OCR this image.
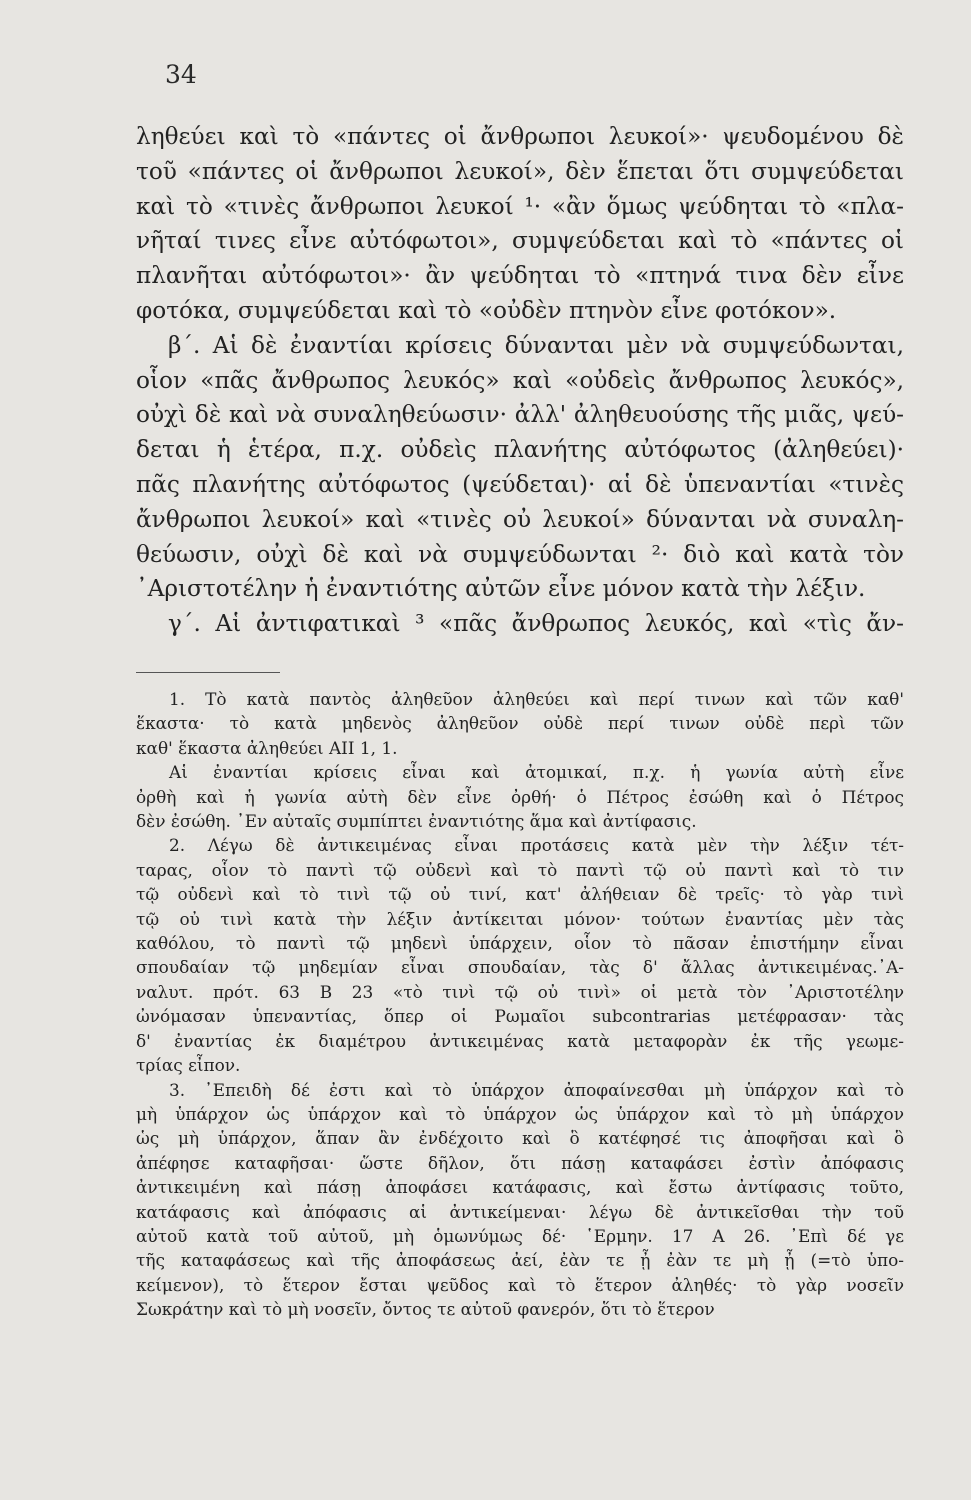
34
ληθεύει καὶ τὸ «πάντες οἱ ἄνθρωποι λευκοί»· ψευδομένου δὲ
τοῦ «πάντες οἱ ἄνθρωποι λευκοί», δὲν ἕπεται ὅτι συμψεύδεται
καὶ τὸ «τινὲς ἄνθρωποι λευκοί ¹· «ἂν ὅμως ψεύδηται τὸ «πλα-
νῆταί τινες εἶνε αὐτόφωτοι», συμψεύδεται καὶ τὸ «πάντες οἱ
πλανῆται αὐτόφωτοι»· ἂν ψεύδηται τὸ «πτηνά τινα δὲν εἶνε
φοτόκα, συμψεύδεται καὶ τὸ «οὐδὲν πτηνὸν εἶνε φοτόκον».
β΄. Αἱ δὲ ἐναντίαι κρίσεις δύνανται μὲν νὰ συμψεύδωνται,
οἷον «πᾶς ἄνθρωπος λευκός» καὶ «οὐδεὶς ἄνθρωπος λευκός»,
οὐχὶ δὲ καὶ νὰ συναληθεύωσιν· ἀλλ' ἀληθευούσης τῆς μιᾶς, ψεύ-
δεται ἡ ἑτέρα, π.χ. οὐδεὶς πλανήτης αὐτόφωτος (ἀληθεύει)·
πᾶς πλανήτης αὐτόφωτος (ψεύδεται)· αἱ δὲ ὑπεναντίαι «τινὲς
ἄνθρωποι λευκοί» καὶ «τινὲς οὐ λευκοί» δύνανται νὰ συναλη-
θεύωσιν, οὐχὶ δὲ καὶ νὰ συμψεύδωνται ²· διὸ καὶ κατὰ τὸν
᾿Αριστοτέλην ἡ ἐναντιότης αὐτῶν εἶνε μόνον κατὰ τὴν λέξιν.
γ΄. Αἱ ἀντιφατικαὶ ³ «πᾶς ἄνθρωπος λευκός, καὶ «τὶς ἄν-
1. Τὸ κατὰ παντὸς ἀληθεῦον ἀληθεύει καὶ περί τινων καὶ τῶν καθ'
ἕκαστα· τὸ κατὰ μηδενὸς ἀληθεῦον οὐδὲ περί τινων οὐδὲ περὶ τῶν
καθ' ἕκαστα ἀληθεύει ΑΙΙ 1, 1.
Αἱ ἐναντίαι κρίσεις εἶναι καὶ ἀτομικαί, π.χ. ἡ γωνία αὐτὴ εἶνε
ὀρθὴ καὶ ἡ γωνία αὐτὴ δὲν εἶνε ὀρθή· ὁ Πέτρος ἐσώθη καὶ ὁ Πέτρος
δὲν ἐσώθη. ᾿Εν αὐταῖς συμπίπτει ἐναντιότης ἅμα καὶ ἀντίφασις.
2. Λέγω δὲ ἀντικειμένας εἶναι προτάσεις κατὰ μὲν τὴν λέξιν τέτ-
ταρας, οἷον τὸ παντὶ τῷ οὐδενὶ καὶ τὸ παντὶ τῷ οὐ παντὶ καὶ τὸ τιν
τῷ οὐδενὶ καὶ τὸ τινὶ τῷ οὐ τινί, κατ' ἀλήθειαν δὲ τρεῖς· τὸ γὰρ τινὶ
τῷ οὐ τινὶ κατὰ τὴν λέξιν ἀντίκειται μόνον· τούτων ἐναντίας μὲν τὰς
καθόλου, τὸ παντὶ τῷ μηδενὶ ὑπάρχειν, οἷον τὸ πᾶσαν ἐπιστήμην εἶναι
σπουδαίαν τῷ μηδεμίαν εἶναι σπουδαίαν, τὰς δ' ἄλλας ἀντικειμένας.᾿Α-
ναλυτ. πρότ. 63 Β 23 «τὸ τινὶ τῷ οὐ τινὶ» οἱ μετὰ τὸν ᾿Αριστοτέλην
ὠνόμασαν ὑπεναντίας, ὅπερ οἱ Ρωμαῖοι subcontrarias μετέφρασαν· τὰς
δ' ἐναντίας ἐκ διαμέτρου ἀντικειμένας κατὰ μεταφορὰν ἐκ τῆς γεωμε-
τρίας εἶπον.
3. ᾿Επειδὴ δέ ἐστι καὶ τὸ ὑπάρχον ἀποφαίνεσθαι μὴ ὑπάρχον καὶ τὸ
μὴ ὑπάρχον ὡς ὑπάρχον καὶ τὸ ὑπάρχον ὡς ὑπάρχον καὶ τὸ μὴ ὑπάρχον
ὡς μὴ ὑπάρχον, ἅπαν ἂν ἐνδέχοιτο καὶ ὃ κατέφησέ τις ἀποφῆσαι καὶ ὃ
ἀπέφησε καταφῆσαι· ὥστε δῆλον, ὅτι πάσῃ καταφάσει ἐστὶν ἀπόφασις
ἀντικειμένη καὶ πάσῃ ἀποφάσει κατάφασις, καὶ ἔστω ἀντίφασις τοῦτο,
κατάφασις καὶ ἀπόφασις αἱ ἀντικείμεναι· λέγω δὲ ἀντικεῖσθαι τὴν τοῦ
αὐτοῦ κατὰ τοῦ αὐτοῦ, μὴ ὁμωνύμως δέ· ῾Ερμην. 17 Α 26. ᾿Επὶ δέ γε
τῆς καταφάσεως καὶ τῆς ἀποφάσεως ἀεί, ἐὰν τε ᾖ ἐὰν τε μὴ ᾖ (=τὸ ὑπο-
κείμενον), τὸ ἕτερον ἔσται ψεῦδος καὶ τὸ ἕτερον ἀληθές· τὸ γὰρ νοσεῖν
Σωκράτην καὶ τὸ μὴ νοσεῖν, ὄντος τε αὐτοῦ φανερόν, ὅτι τὸ ἕτερον
